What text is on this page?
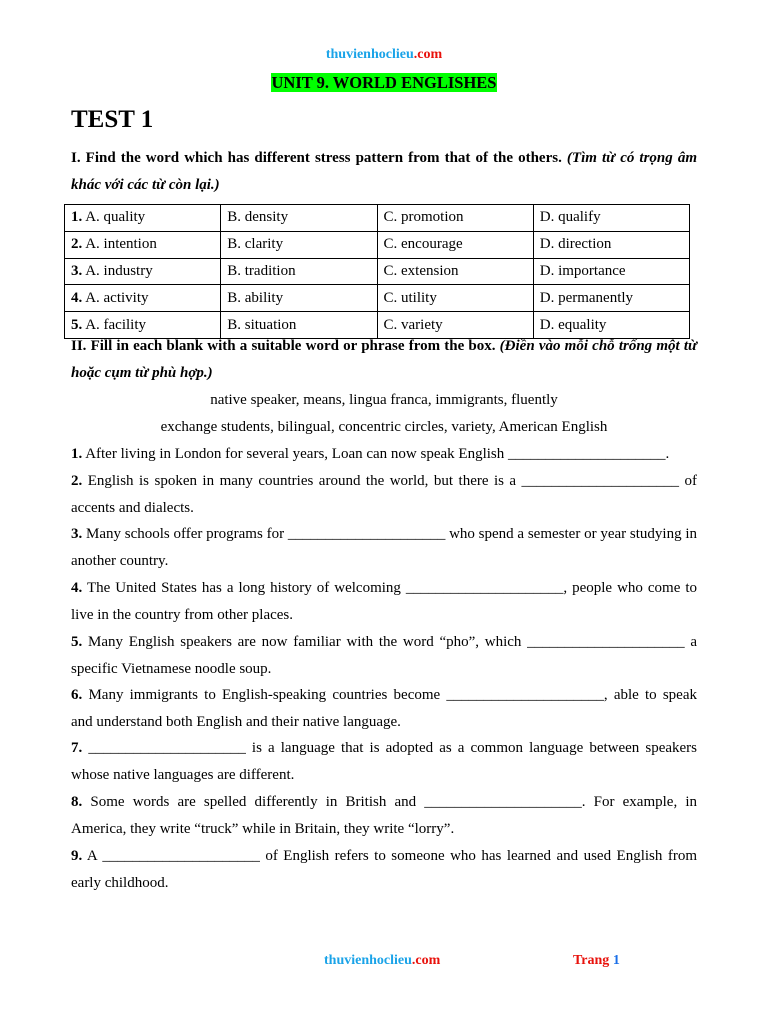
thuvienhoclieu.com
UNIT 9. WORLD ENGLISHES
TEST 1
I. Find the word which has different stress pattern from that of the others. (Tìm từ có trọng âm khác với các từ còn lại.)
1. A. quality	B. density	C. promotion	D. qualify
2. A. intention	B. clarity	C. encourage	D. direction
3. A. industry	B. tradition	C. extension	D. importance
4. A. activity	B. ability	C. utility	D. permanently
5. A. facility	B. situation	C. variety	D. equality
II. Fill in each blank with a suitable word or phrase from the box. (Điền vào mỗi chỗ trống một từ hoặc cụm từ phù hợp.)
native speaker, means, lingua franca, immigrants, fluently
exchange students, bilingual, concentric circles, variety, American English
1. After living in London for several years, Loan can now speak English _____________________.
2. English is spoken in many countries around the world, but there is a _____________________ of accents and dialects.
3. Many schools offer programs for _____________________ who spend a semester or year studying in another country.
4. The United States has a long history of welcoming _____________________, people who come to live in the country from other places.
5. Many English speakers are now familiar with the word “pho”, which _____________________ a specific Vietnamese noodle soup.
6. Many immigrants to English-speaking countries become _____________________, able to speak and understand both English and their native language.
7. _____________________ is a language that is adopted as a common language between speakers whose native languages are different.
8. Some words are spelled differently in British and _____________________. For example, in America, they write “truck” while in Britain, they write “lorry”.
9. A _____________________ of English refers to someone who has learned and used English from early childhood.
thuvienhoclieu.com	Trang 1
